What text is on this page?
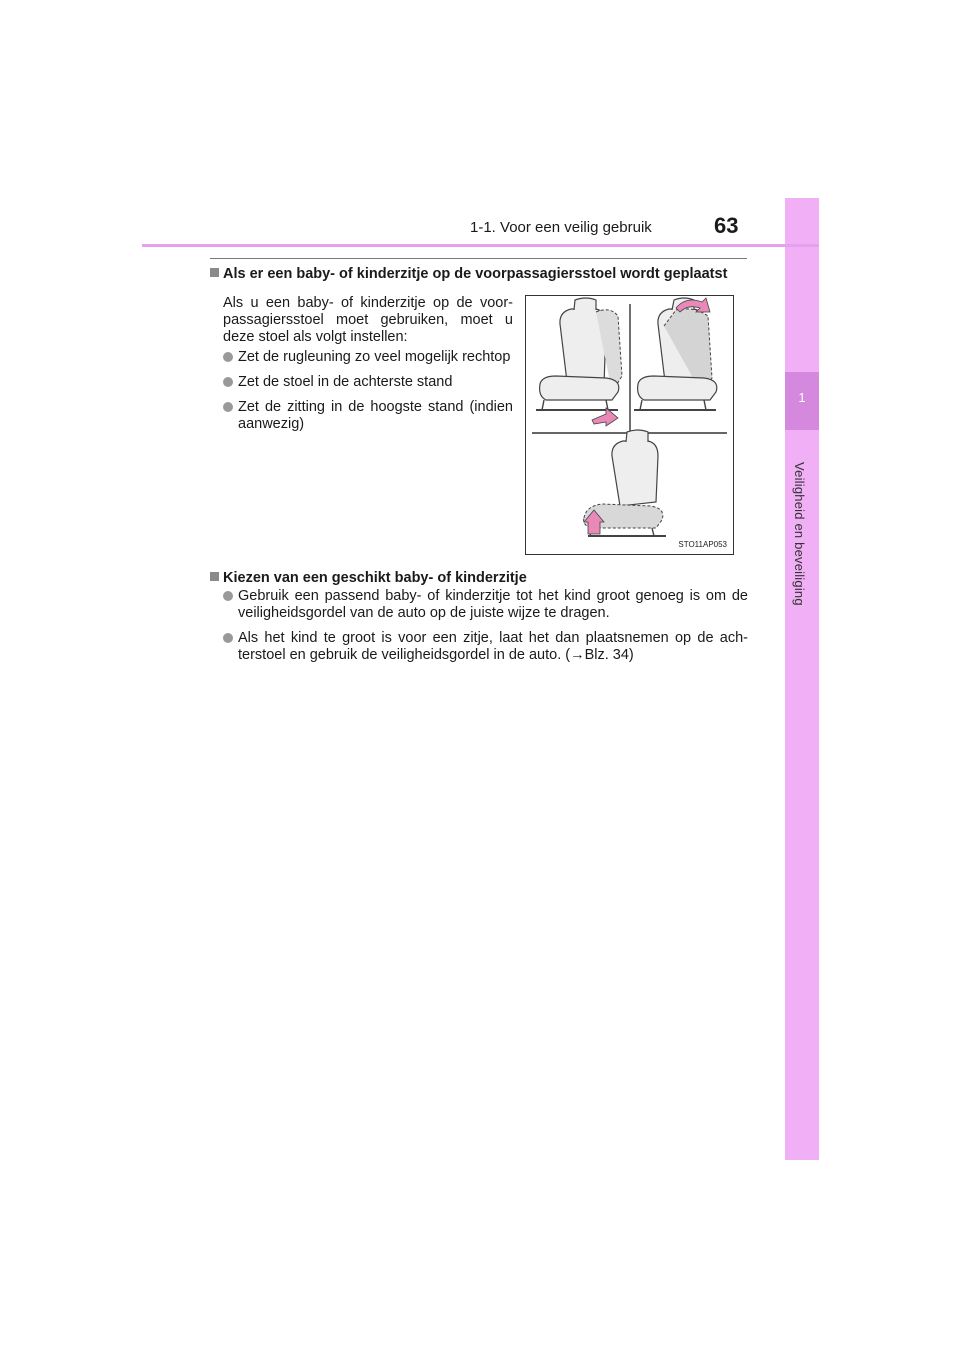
1
Veiligheid en beveiliging
1-1. Voor een veilig gebruik	63
Als er een baby- of kinderzitje op de voorpassagiersstoel wordt geplaatst
Als u een baby- of kinderzitje op de voor-passagiersstoel moet gebruiken, moet u deze stoel als volgt instellen:
Zet de rugleuning zo veel mogelijk rechtop
Zet de stoel in de achterste stand
Zet de zitting in de hoogste stand (indien aanwezig)
STO11AP053
Kiezen van een geschikt baby- of kinderzitje
Gebruik een passend baby- of kinderzitje tot het kind groot genoeg is om de veiligheidsgordel van de auto op de juiste wijze te dragen.
Als het kind te groot is voor een zitje, laat het dan plaatsnemen op de ach-terstoel en gebruik de veiligheidsgordel in de auto. (→Blz. 34)
